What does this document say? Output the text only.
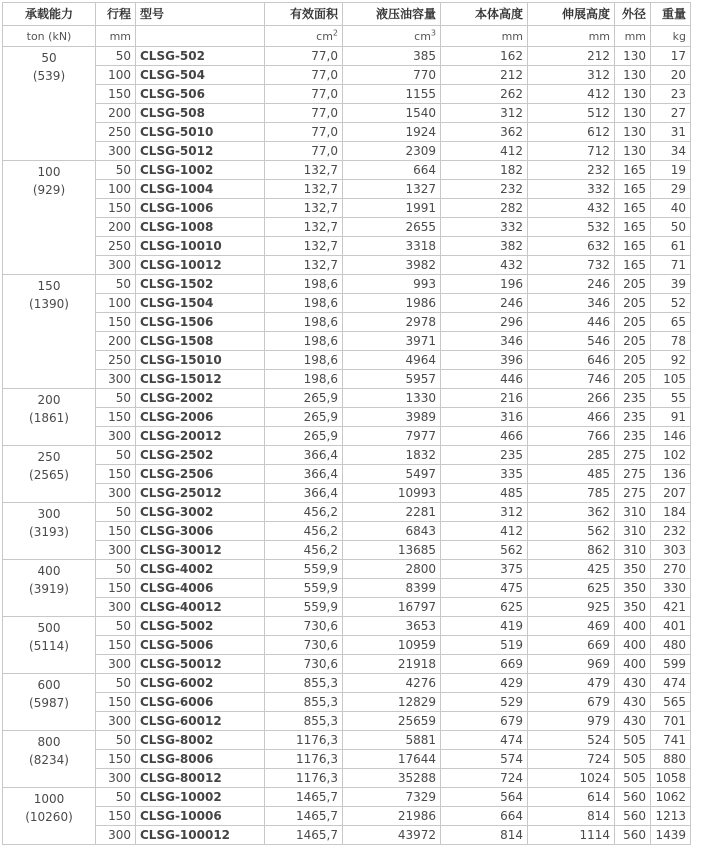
承载能力	行程	型号	有效面积	液压油容量	本体高度	伸展高度	外径	重量
ton (kN)	mm		$cm^2$	$cm^3$	mm	mm	mm	kg

50
(539)	50	CLSG-502	77,0	385	162	212	130	17
	100	CLSG-504	77,0	770	212	312	130	20
	150	CLSG-506	77,0	1155	262	412	130	23
	200	CLSG-508	77,0	1540	312	512	130	27
	250	CLSG-5010	77,0	1924	362	612	130	31
	300	CLSG-5012	77,0	2309	412	712	130	34

100
(929)	50	CLSG-1002	132,7	664	182	232	165	19
	100	CLSG-1004	132,7	1327	232	332	165	29
	150	CLSG-1006	132,7	1991	282	432	165	40
	200	CLSG-1008	132,7	2655	332	532	165	50
	250	CLSG-10010	132,7	3318	382	632	165	61
	300	CLSG-10012	132,7	3982	432	732	165	71

150
(1390)	50	CLSG-1502	198,6	993	196	246	205	39
	100	CLSG-1504	198,6	1986	246	346	205	52
	150	CLSG-1506	198,6	2978	296	446	205	65
	200	CLSG-1508	198,6	3971	346	546	205	78
	250	CLSG-15010	198,6	4964	396	646	205	92
	300	CLSG-15012	198,6	5957	446	746	205	105

200
(1861)	50	CLSG-2002	265,9	1330	216	266	235	55
	150	CLSG-2006	265,9	3989	316	466	235	91
	300	CLSG-20012	265,9	7977	466	766	235	146

250
(2565)	50	CLSG-2502	366,4	1832	235	285	275	102
	150	CLSG-2506	366,4	5497	335	485	275	136
	300	CLSG-25012	366,4	10993	485	785	275	207

300
(3193)	50	CLSG-3002	456,2	2281	312	362	310	184
	150	CLSG-3006	456,2	6843	412	562	310	232
	300	CLSG-30012	456,2	13685	562	862	310	303

400
(3919)	50	CLSG-4002	559,9	2800	375	425	350	270
	150	CLSG-4006	559,9	8399	475	625	350	330
	300	CLSG-40012	559,9	16797	625	925	350	421

500
(5114)	50	CLSG-5002	730,6	3653	419	469	400	401
	150	CLSG-5006	730,6	10959	519	669	400	480
	300	CLSG-50012	730,6	21918	669	969	400	599

600
(5987)	50	CLSG-6002	855,3	4276	429	479	430	474
	150	CLSG-6006	855,3	12829	529	679	430	565
	300	CLSG-60012	855,3	25659	679	979	430	701

800
(8234)	50	CLSG-8002	1176,3	5881	474	524	505	741
	150	CLSG-8006	1176,3	17644	574	724	505	880
	300	CLSG-80012	1176,3	35288	724	1024	505	1058

1000
(10260)	50	CLSG-10002	1465,7	7329	564	614	560	1062
	150	CLSG-10006	1465,7	21986	664	814	560	1213
	300	CLSG-100012	1465,7	43972	814	1114	560	1439
